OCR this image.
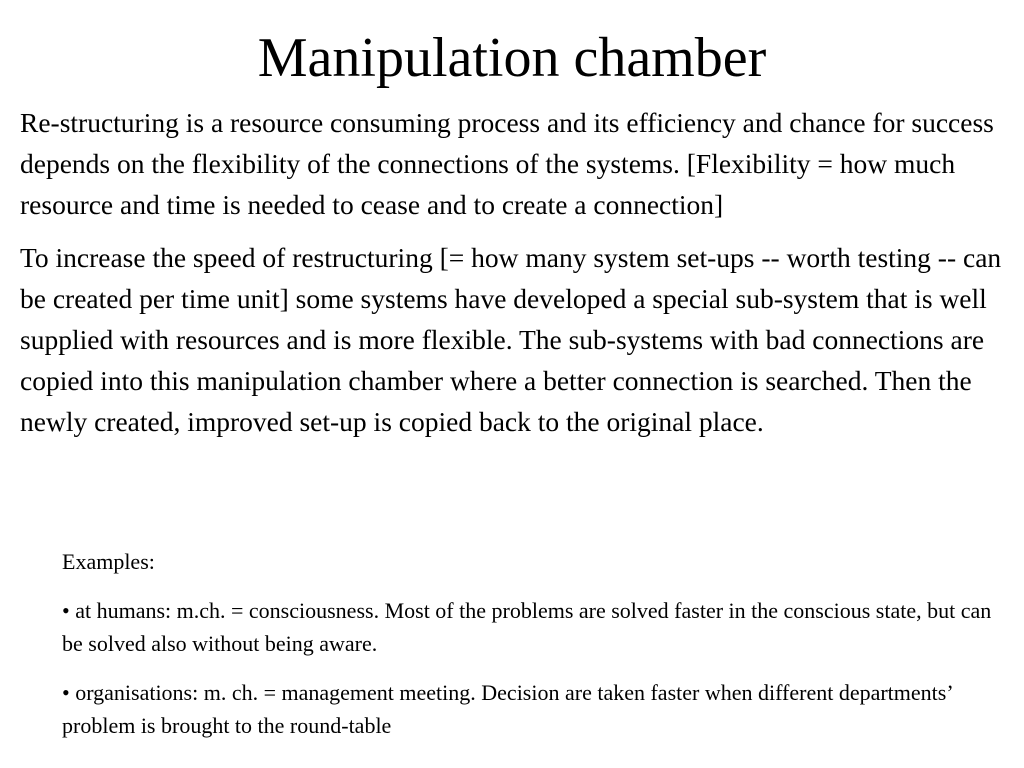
Manipulation chamber

Re-structuring is a resource consuming process and its efficiency and chance for success depends on the flexibility of the connections of the systems. [Flexibility = how much resource and time is needed to cease and to create a connection]

To increase the speed of restructuring [= how many system set-ups -- worth testing -- can be created per time unit] some systems have developed a special sub-system that is well supplied with resources and is more flexible. The sub-systems with bad connections are copied into this manipulation chamber where a better connection is searched. Then the newly created, improved set-up is copied back to the original place.

Examples:

• at humans: m.ch. = consciousness. Most of the problems are solved faster in the conscious state, but can be solved also without being aware.

• organisations: m. ch. = management meeting. Decision are taken faster when different departments’ problem is brought to the round-table
